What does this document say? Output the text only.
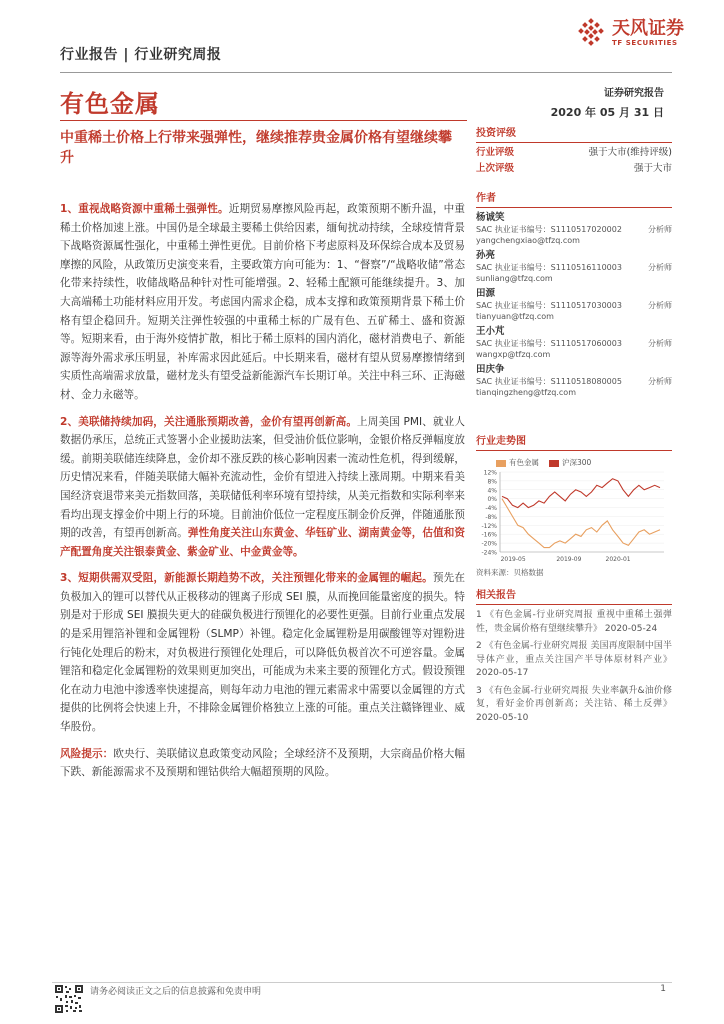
行业报告 | 行业研究周报
天风证券
TF SECURITIES
有色金属	证券研究报告
2020 年 05 月 31 日
中重稀土价格上行带来强弹性，继续推荐贵金属价格有望继续攀升

1、重视战略资源中重稀土强弹性。近期贸易摩擦风险再起，政策预期不断升温，中重稀土价格加速上涨。中国仍是全球最主要稀土供给因素，缅甸扰动持续，全球疫情背景下战略资源属性强化，中重稀土弹性更优。目前价格下考虑原料及环保综合成本及贸易摩擦的风险，从政策历史演变来看，主要政策方向可能为：1、“督察”/“战略收储”常态化带来持续性，收储战略品种针对性可能增强。2、轻稀土配额可能继续提升。3、加大高端稀土功能材料应用开发。考虑国内需求企稳，成本支撑和政策预期背景下稀土价格有望企稳回升。短期关注弹性较强的中重稀土标的广晟有色、五矿稀土、盛和资源等。短期来看，由于海外疫情扩散，相比于稀土原料的国内消化，磁材消费电子、新能源等海外需求承压明显，补库需求因此延后。中长期来看，磁材有望从贸易摩擦情绪到实质性高端需求放量，磁材龙头有望受益新能源汽车长期订单。关注中科三环、正海磁材、金力永磁等。

2、美联储持续加码，关注通胀预期改善，金价有望再创新高。上周美国 PMI、就业人数据仍承压，总统正式签署小企业援助法案，但受油价低位影响，金银价格反弹幅度放缓。前期美联储连续降息，金价却不涨反跌的核心影响因素一流动性危机，得到缓解，历史情况来看，伴随美联储大幅补充流动性，金价有望进入持续上涨周期。中期来看美国经济衰退带来美元指数回落，美联储低利率环境有望持续，从美元指数和实际利率来看均出现支撑金价中期上行的环境。目前油价低位一定程度压制金价反弹，伴随通胀预期的改善，有望再创新高。弹性角度关注山东黄金、华钰矿业、湖南黄金等，估值和资产配置角度关注银泰黄金、紫金矿业、中金黄金等。

3、短期供需双受阻，新能源长期趋势不改，关注预锂化带来的金属锂的崛起。预先在负极加入的锂可以替代从正极移动的锂离子形成 SEI 膜，从而挽回能量密度的损失。特别是对于形成 SEI 膜损失更大的硅碳负极进行预锂化的必要性更强。目前行业重点发展的是采用锂箔补锂和金属锂粉（SLMP）补锂。稳定化金属锂粉是用碳酸锂等对锂粉进行钝化处理后的粉末，对负极进行预锂化处理后，可以降低负极首次不可逆容量。金属锂箔和稳定化金属锂粉的效果则更加突出，可能成为未来主要的预锂化方式。假设预锂化在动力电池中渗透率快速提高，则每年动力电池的锂元素需求中需要以金属锂的方式提供的比例将会快速上升，不排除金属锂价格独立上涨的可能。重点关注赣锋锂业、威华股份。

风险提示：欧央行、美联储议息政策变动风险；全球经济不及预期，大宗商品价格大幅下跌、新能源需求不及预期和锂钴供给大幅超预期的风险。

投资评级
行业评级	强于大市(维持评级)
上次评级	强于大市
作者
杨诚笑
SAC 执业证书编号：S1110517020002	分析师
yangchengxiao@tfzq.com
孙亮
SAC 执业证书编号：S1110516110003	分析师
sunliang@tfzq.com
田源
SAC 执业证书编号：S1110517030003	分析师
tianyuan@tfzq.com
王小芃
SAC 执业证书编号：S1110517060003	分析师
wangxp@tfzq.com
田庆争
SAC 执业证书编号：S1110518080005	分析师
tianqingzheng@tfzq.com
行业走势图
有色金属	沪深300
12%
8%
4%
0%
-4%
-8%
-12%
-16%
-20%
-24%
2019-05	2019-09	2020-01
资料来源：贝格数据
相关报告
1 《有色金属-行业研究周报 重视中重稀土强弹性，贵金属价格有望继续攀升》 2020-05-24
2 《有色金属-行业研究周报 美国再度限制中国半导体产业，重点关注国产半导体原材料产业》 2020-05-17
3 《有色金属-行业研究周报 失业率飙升&油价修复，看好金价再创新高；关注钴、稀土反弹》 2020-05-10
请务必阅读正文之后的信息披露和免责申明	1
